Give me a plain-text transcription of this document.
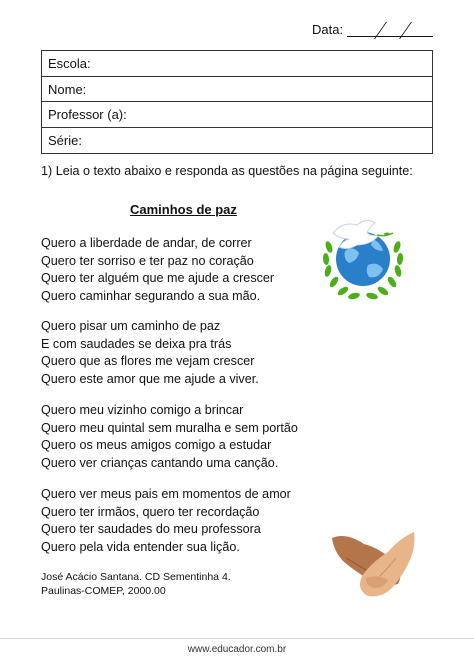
Data:
Escola:
Nome:
Professor (a):
Série:
1) Leia o texto abaixo e responda as questões na página seguinte:
Caminhos de paz
Quero a liberdade de andar, de correr
Quero ter sorriso e ter paz no coração
Quero ter alguém que me ajude a crescer
Quero caminhar segurando a sua mão.
Quero pisar um caminho de paz
E com saudades se deixa pra trás
Quero que as flores me vejam crescer
Quero este amor que me ajude a viver.
Quero meu vizinho comigo a brincar
Quero meu quintal sem muralha e sem portão
Quero os meus amigos comigo a estudar
Quero ver crianças cantando uma canção.
Quero ver meus pais em momentos de amor
Quero ter irmãos, quero ter recordação
Quero ter saudades do meu professora
Quero pela vida entender sua lição.
José Acácio Santana. CD Sementinha 4.
Paulinas-COMEP, 2000.00
www.educador.com.br
